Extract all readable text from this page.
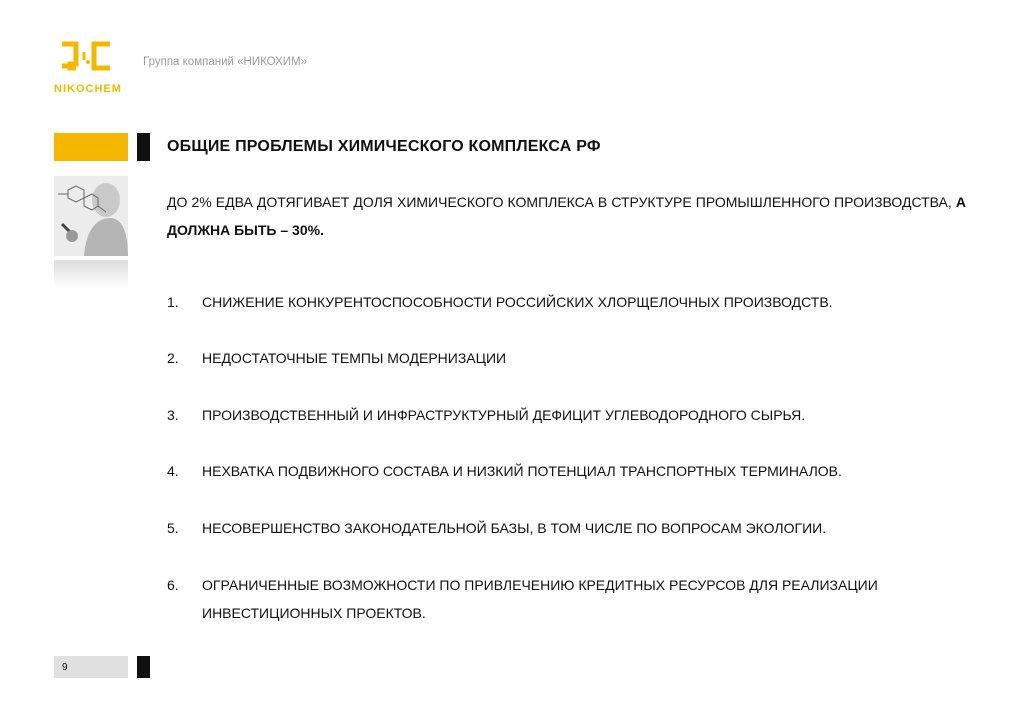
NIKOCHEM
Группа компаний «НИКОХИМ»
ОБЩИЕ ПРОБЛЕМЫ ХИМИЧЕСКОГО КОМПЛЕКСА РФ
ДО 2% ЕДВА ДОТЯГИВАЕТ ДОЛЯ ХИМИЧЕСКОГО КОМПЛЕКСА В СТРУКТУРЕ ПРОМЫШЛЕННОГО ПРОИЗВОДСТВА, А ДОЛЖНА БЫТЬ – 30%.
1. СНИЖЕНИЕ КОНКУРЕНТОСПОСОБНОСТИ РОССИЙСКИХ ХЛОРЩЕЛОЧНЫХ ПРОИЗВОДСТВ.
2. НЕДОСТАТОЧНЫЕ ТЕМПЫ МОДЕРНИЗАЦИИ
3. ПРОИЗВОДСТВЕННЫЙ И ИНФРАСТРУКТУРНЫЙ ДЕФИЦИТ УГЛЕВОДОРОДНОГО СЫРЬЯ.
4. НЕХВАТКА ПОДВИЖНОГО СОСТАВА И НИЗКИЙ ПОТЕНЦИАЛ ТРАНСПОРТНЫХ ТЕРМИНАЛОВ.
5. НЕСОВЕРШЕНСТВО ЗАКОНОДАТЕЛЬНОЙ БАЗЫ, В ТОМ ЧИСЛЕ ПО ВОПРОСАМ ЭКОЛОГИИ.
6. ОГРАНИЧЕННЫЕ ВОЗМОЖНОСТИ ПО ПРИВЛЕЧЕНИЮ КРЕДИТНЫХ РЕСУРСОВ ДЛЯ РЕАЛИЗАЦИИ ИНВЕСТИЦИОННЫХ ПРОЕКТОВ.
9
